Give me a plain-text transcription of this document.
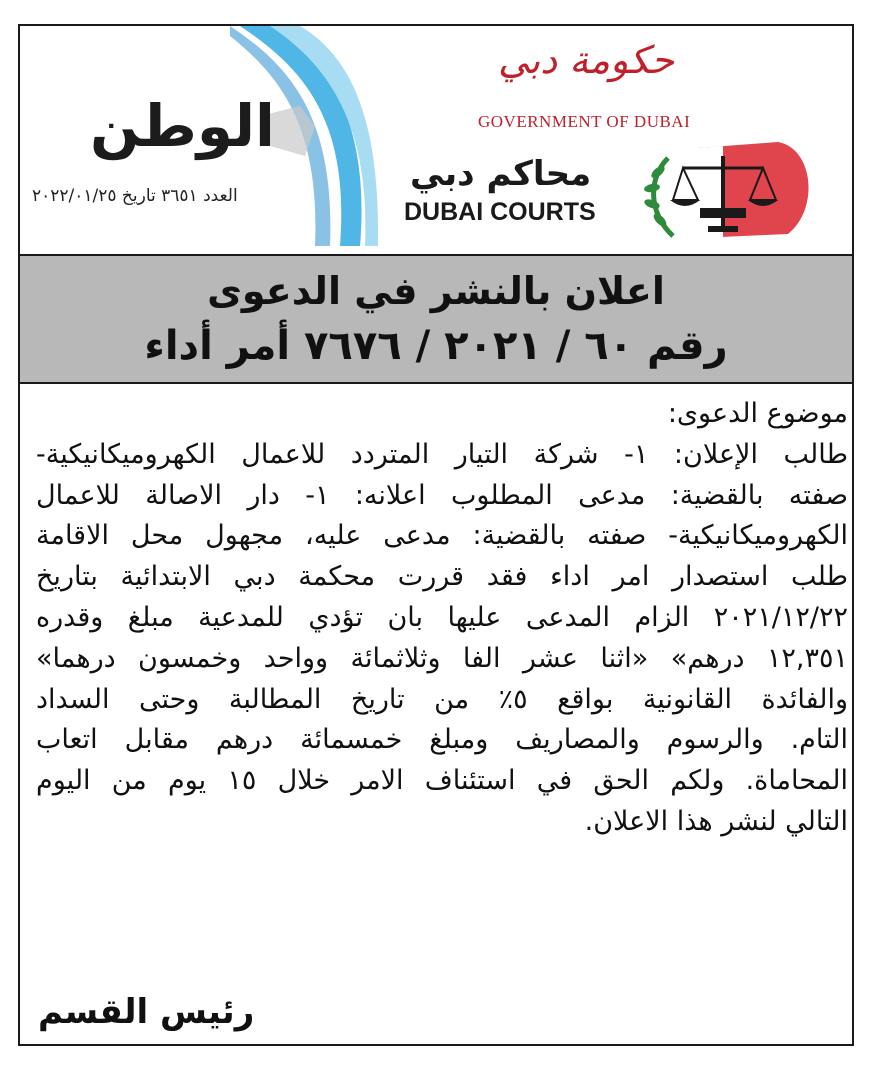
الوطن
العدد ٣٦٥١ تاريخ ٢٠٢٢/٠١/٢٥
حكومة دبي
GOVERNMENT OF DUBAI
محاكم دبي
DUBAI COURTS
اعلان بالنشر في الدعوى
رقم ٦٠ / ٢٠٢١ / ٧٦٧٦ أمر أداء
موضوع الدعوى:
طالب الإعلان: ١- شركة التيار المتردد للاعمال الكهروميكانيكية-
صفته بالقضية: مدعى المطلوب اعلانه: ١- دار الاصالة للاعمال
الكهروميكانيكية- صفته بالقضية: مدعى عليه، مجهول محل الاقامة
طلب استصدار امر اداء فقد قررت محكمة دبي الابتدائية بتاريخ
٢٠٢١/١٢/٢٢ الزام المدعى عليها بان تؤدي للمدعية مبلغ وقدره
١٢,٣٥١ درهم» «اثنا عشر الفا وثلاثمائة وواحد وخمسون درهما»
والفائدة القانونية بواقع ٥٪ من تاريخ المطالبة وحتى السداد
التام. والرسوم والمصاريف ومبلغ خمسمائة درهم مقابل اتعاب
المحاماة. ولكم الحق في استئناف الامر خلال ١٥ يوم من اليوم
التالي لنشر هذا الاعلان.
رئيس القسم
